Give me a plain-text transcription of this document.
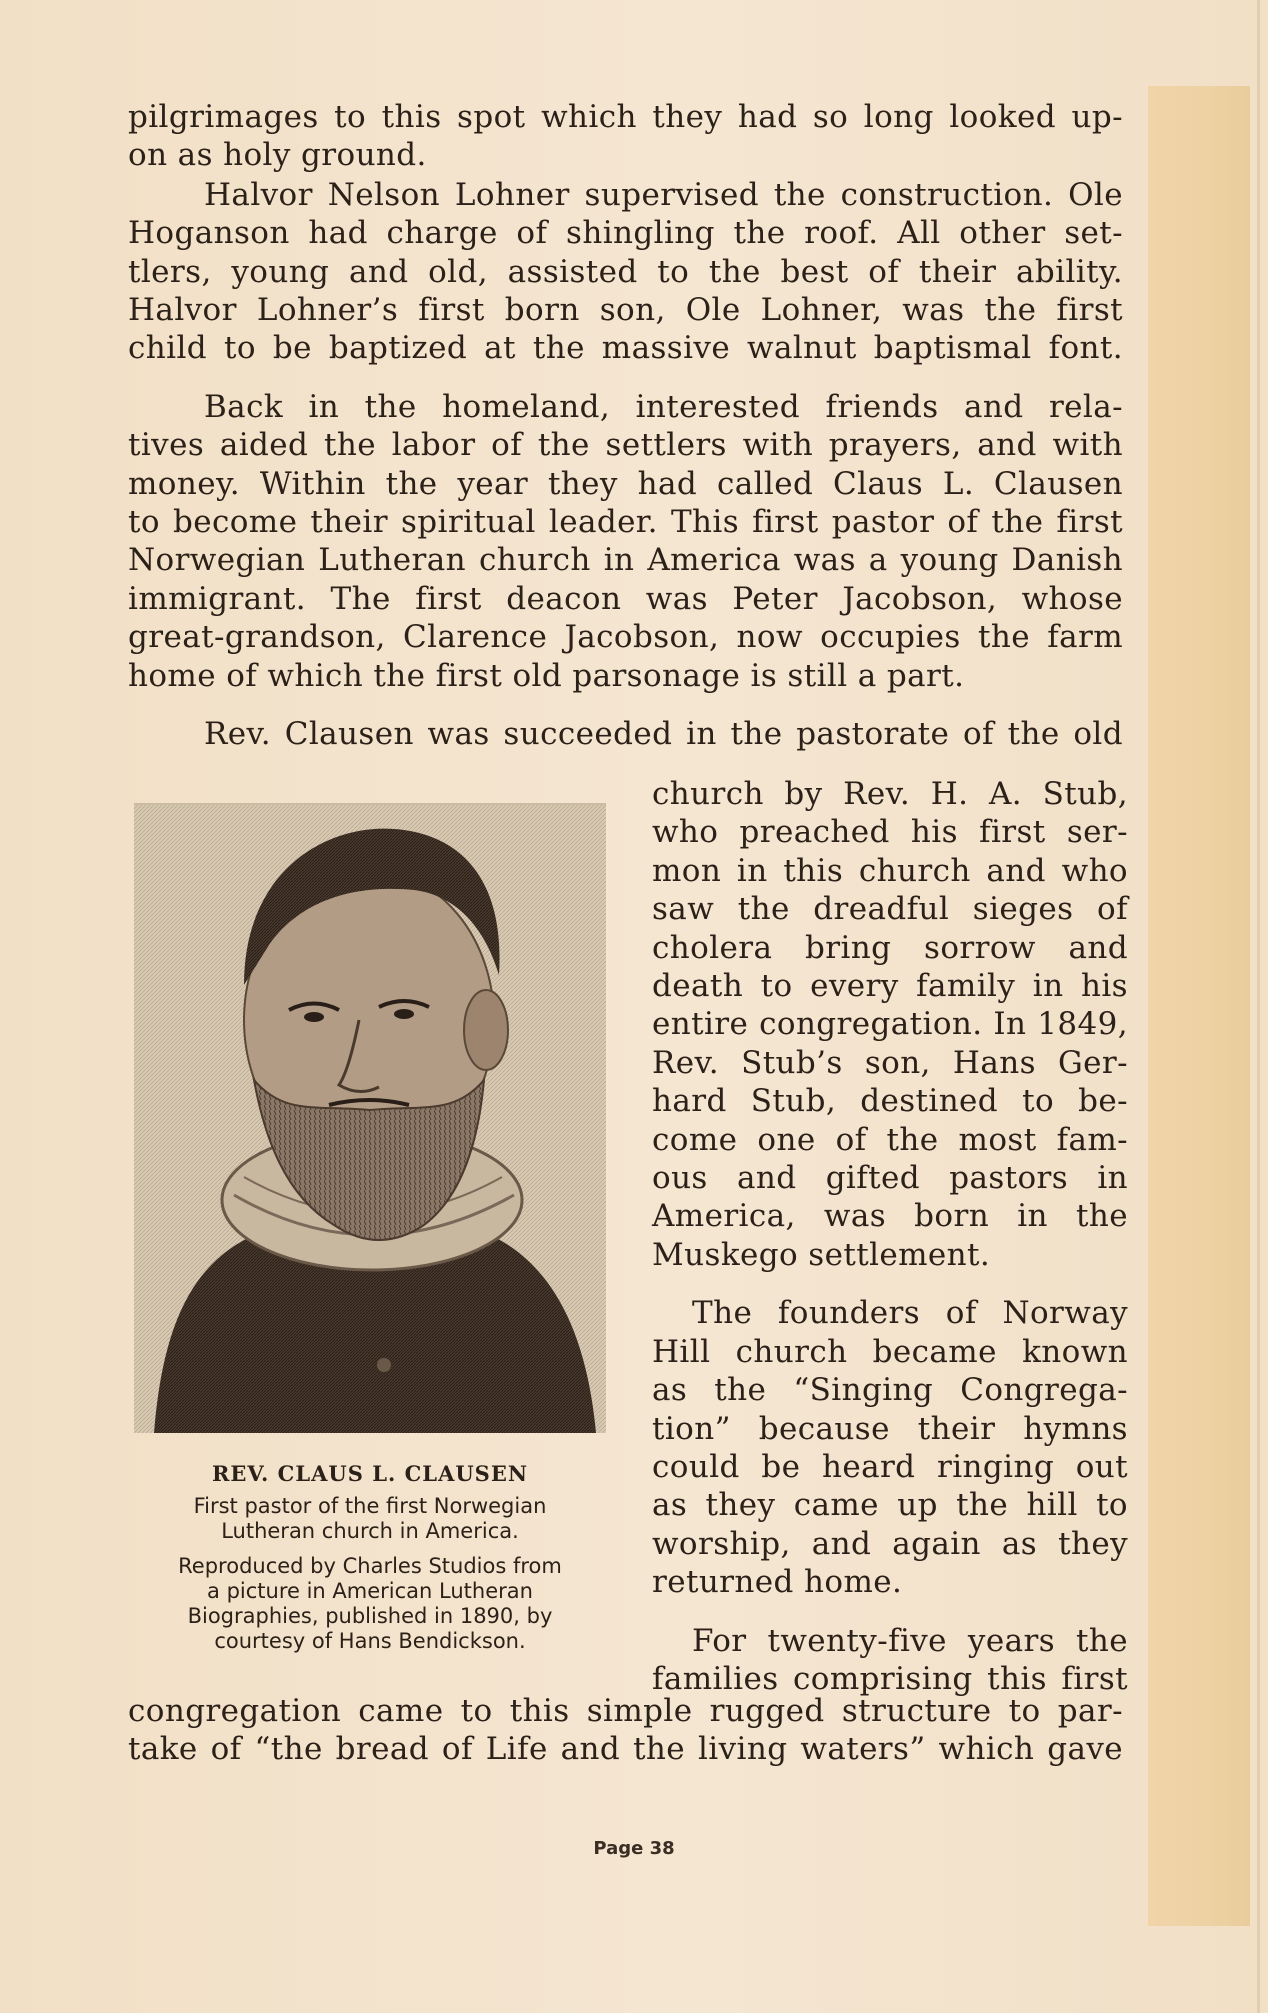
pilgrimages to this spot which they had so long looked up-
on as holy ground.

Halvor Nelson Lohner supervised the construction. Ole
Hoganson had charge of shingling the roof. All other set-
tlers, young and old, assisted to the best of their ability.
Halvor Lohner’s first born son, Ole Lohner, was the first
child to be baptized at the massive walnut baptismal font.

Back in the homeland, interested friends and rela-
tives aided the labor of the settlers with prayers, and with
money. Within the year they had called Claus L. Clausen
to become their spiritual leader. This first pastor of the first
Norwegian Lutheran church in America was a young Danish
immigrant. The first deacon was Peter Jacobson, whose
great-grandson, Clarence Jacobson, now occupies the farm
home of which the first old parsonage is still a part.

Rev. Clausen was succeeded in the pastorate of the old

church by Rev. H. A. Stub,
who preached his first ser-
mon in this church and who
saw the dreadful sieges of
cholera bring sorrow and
death to every family in his
entire congregation. In 1849,
Rev. Stub’s son, Hans Ger-
hard Stub, destined to be-
come one of the most fam-
ous and gifted pastors in
America, was born in the
Muskego settlement.
The founders of Norway
Hill church became known
as the “Singing Congrega-
tion” because their hymns
could be heard ringing out
as they came up the hill to
worship, and again as they
returned home.
For twenty-five years the
families comprising this first
congregation came to this simple rugged structure to par-
take of “the bread of Life and the living waters” which gave
REV. CLAUS L. CLAUSEN
First pastor of the first Norwegian
Lutheran church in America.
Reproduced by Charles Studios from
a picture in American Lutheran
Biographies, published in 1890, by
courtesy of Hans Bendickson.
Page 38
